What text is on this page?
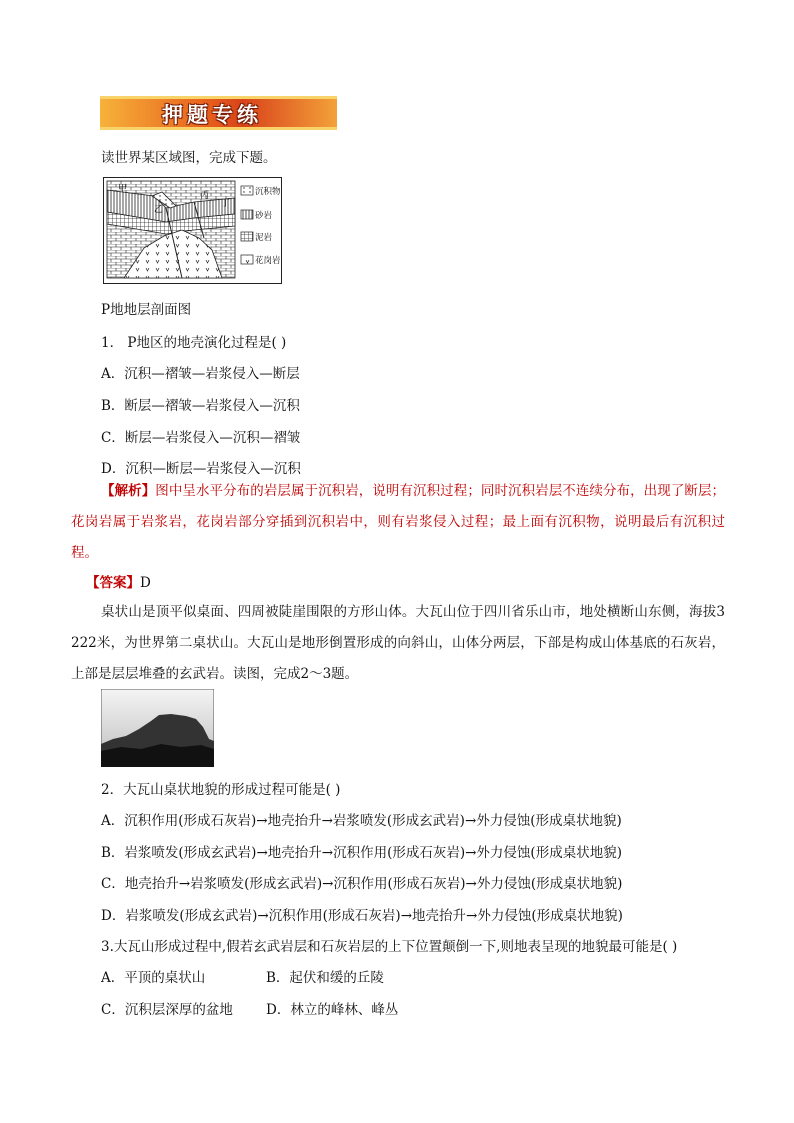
押题专练
读世界某区域图，完成下题。
甲
乙
丙
丁
沉积物
砂岩
泥岩
花岗岩
P地地层剖面图
1． P地区的地壳演化过程是( )
A．沉积—褶皱—岩浆侵入—断层
B．断层—褶皱—岩浆侵入—沉积
C．断层—岩浆侵入—沉积—褶皱
D．沉积—断层—岩浆侵入—沉积
【解析】图中呈水平分布的岩层属于沉积岩，说明有沉积过程；同时沉积岩层不连续分布，出现了断层；花岗岩属于岩浆岩，花岗岩部分穿插到沉积岩中，则有岩浆侵入过程；最上面有沉积物，说明最后有沉积过程。
【答案】D
桌状山是顶平似桌面、四周被陡崖围限的方形山体。大瓦山位于四川省乐山市，地处横断山东侧，海拔3 222米，为世界第二桌状山。大瓦山是地形倒置形成的向斜山，山体分两层，下部是构成山体基底的石灰岩，上部是层层堆叠的玄武岩。读图，完成2～3题。
2．大瓦山桌状地貌的形成过程可能是( )
A．沉积作用(形成石灰岩)→地壳抬升→岩浆喷发(形成玄武岩)→外力侵蚀(形成桌状地貌)
B．岩浆喷发(形成玄武岩)→地壳抬升→沉积作用(形成石灰岩)→外力侵蚀(形成桌状地貌)
C．地壳抬升→岩浆喷发(形成玄武岩)→沉积作用(形成石灰岩)→外力侵蚀(形成桌状地貌)
D．岩浆喷发(形成玄武岩)→沉积作用(形成石灰岩)→地壳抬升→外力侵蚀(形成桌状地貌)
3.大瓦山形成过程中,假若玄武岩层和石灰岩层的上下位置颠倒一下,则地表呈现的地貌最可能是( )
A．平顶的桌状山	B．起伏和缓的丘陵
C．沉积层深厚的盆地 D．林立的峰林、峰丛
